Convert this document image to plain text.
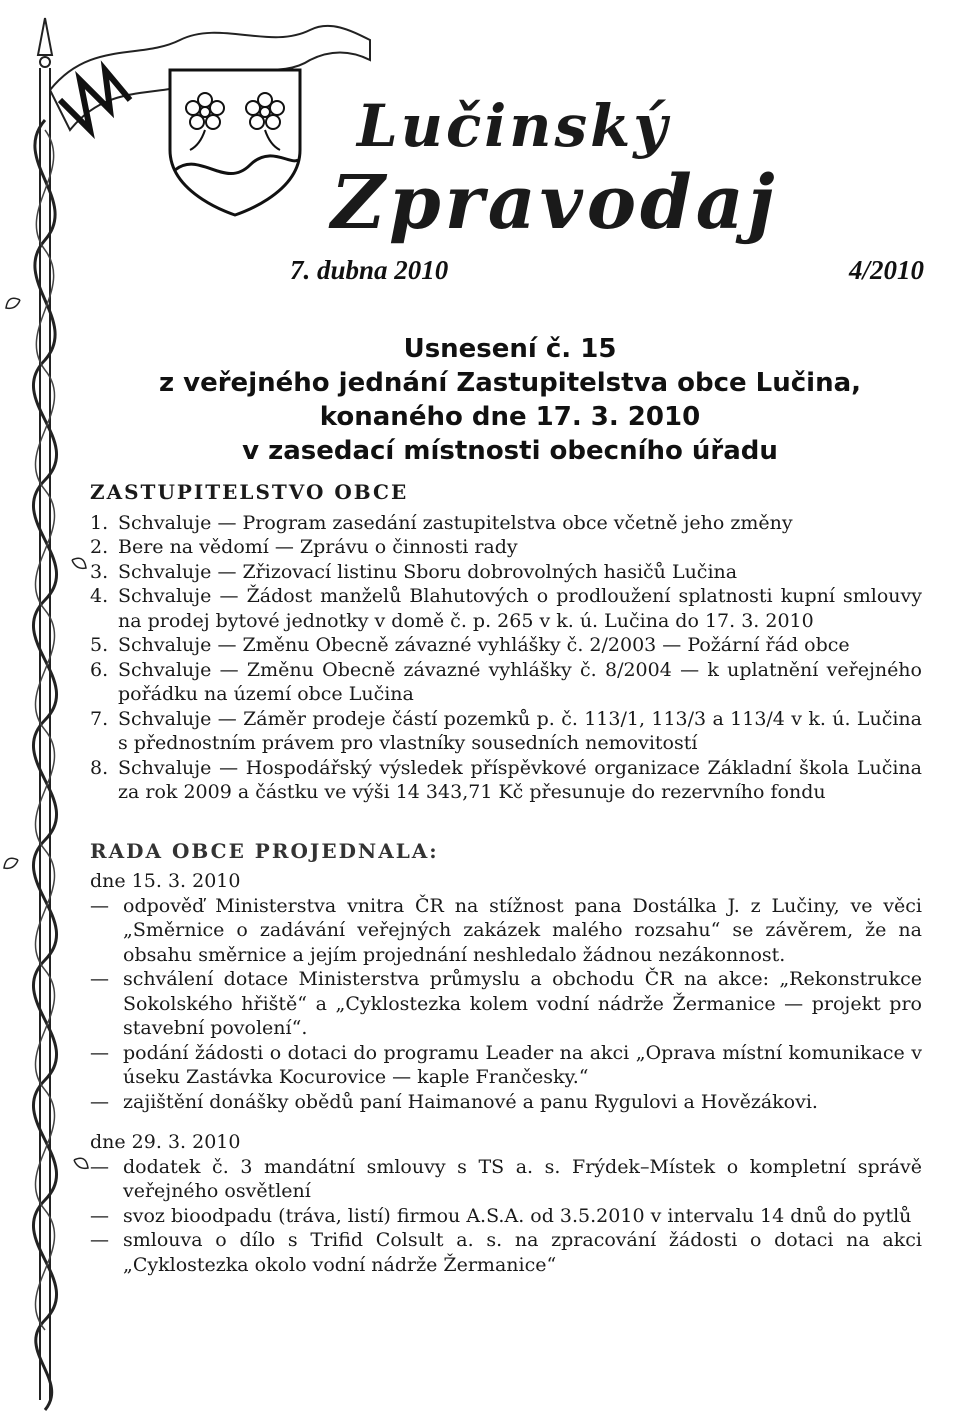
Lučinský
Zpravodaj
7. dubna 2010	4/2010
Usnesení č. 15
z veřejného jednání Zastupitelstva obce Lučina,
konaného dne 17. 3. 2010
v zasedací místnosti obecního úřadu
ZASTUPITELSTVO OBCE
1. Schvaluje — Program zasedání zastupitelstva obce včetně jeho změny
2. Bere na vědomí — Zprávu o činnosti rady
3. Schvaluje — Zřizovací listinu Sboru dobrovolných hasičů Lučina
4. Schvaluje — Žádost manželů Blahutových o prodloužení splatnosti kupní smlouvy na prodej bytové jednotky v domě č. p. 265 v k. ú. Lučina do 17. 3. 2010
5. Schvaluje — Změnu Obecně závazné vyhlášky č. 2/2003 — Požární řád obce
6. Schvaluje — Změnu Obecně závazné vyhlášky č. 8/2004 — k uplatnění veřejného pořádku na území obce Lučina
7. Schvaluje — Záměr prodeje částí pozemků p. č. 113/1, 113/3 a 113/4 v k. ú. Lučina s přednostním právem pro vlastníky sousedních nemovitostí
8. Schvaluje — Hospodářský výsledek příspěvkové organizace Základní škola Lučina za rok 2009 a částku ve výši 14 343,71 Kč přesunuje do rezervního fondu
RADA OBCE PROJEDNALA:
dne 15. 3. 2010
— odpověď Ministerstva vnitra ČR na stížnost pana Dostálka J. z Lučiny, ve věci „Směrnice o zadávání veřejných zakázek malého rozsahu“ se závěrem, že na obsahu směrnice a jejím projednání neshledalo žádnou nezákonnost.
— schválení dotace Ministerstva průmyslu a obchodu ČR na akce: „Rekonstrukce Sokolského hřiště“ a „Cyklostezka kolem vodní nádrže Žermanice — projekt pro stavební povolení“.
— podání žádosti o dotaci do programu Leader na akci „Oprava místní komunikace v úseku Zastávka Kocurovice — kaple Frančesky.“
— zajištění donášky obědů paní Haimanové a panu Rygulovi a Hovězákovi.
dne 29. 3. 2010
— dodatek č. 3 mandátní smlouvy s TS a. s. Frýdek–Místek o kompletní správě veřejného osvětlení
— svoz bioodpadu (tráva, listí) firmou A.S.A. od 3.5.2010 v intervalu 14 dnů do pytlů
— smlouva o dílo s Trifid Colsult a. s. na zpracování žádosti o dotaci na akci „Cyklostezka okolo vodní nádrže Žermanice“
